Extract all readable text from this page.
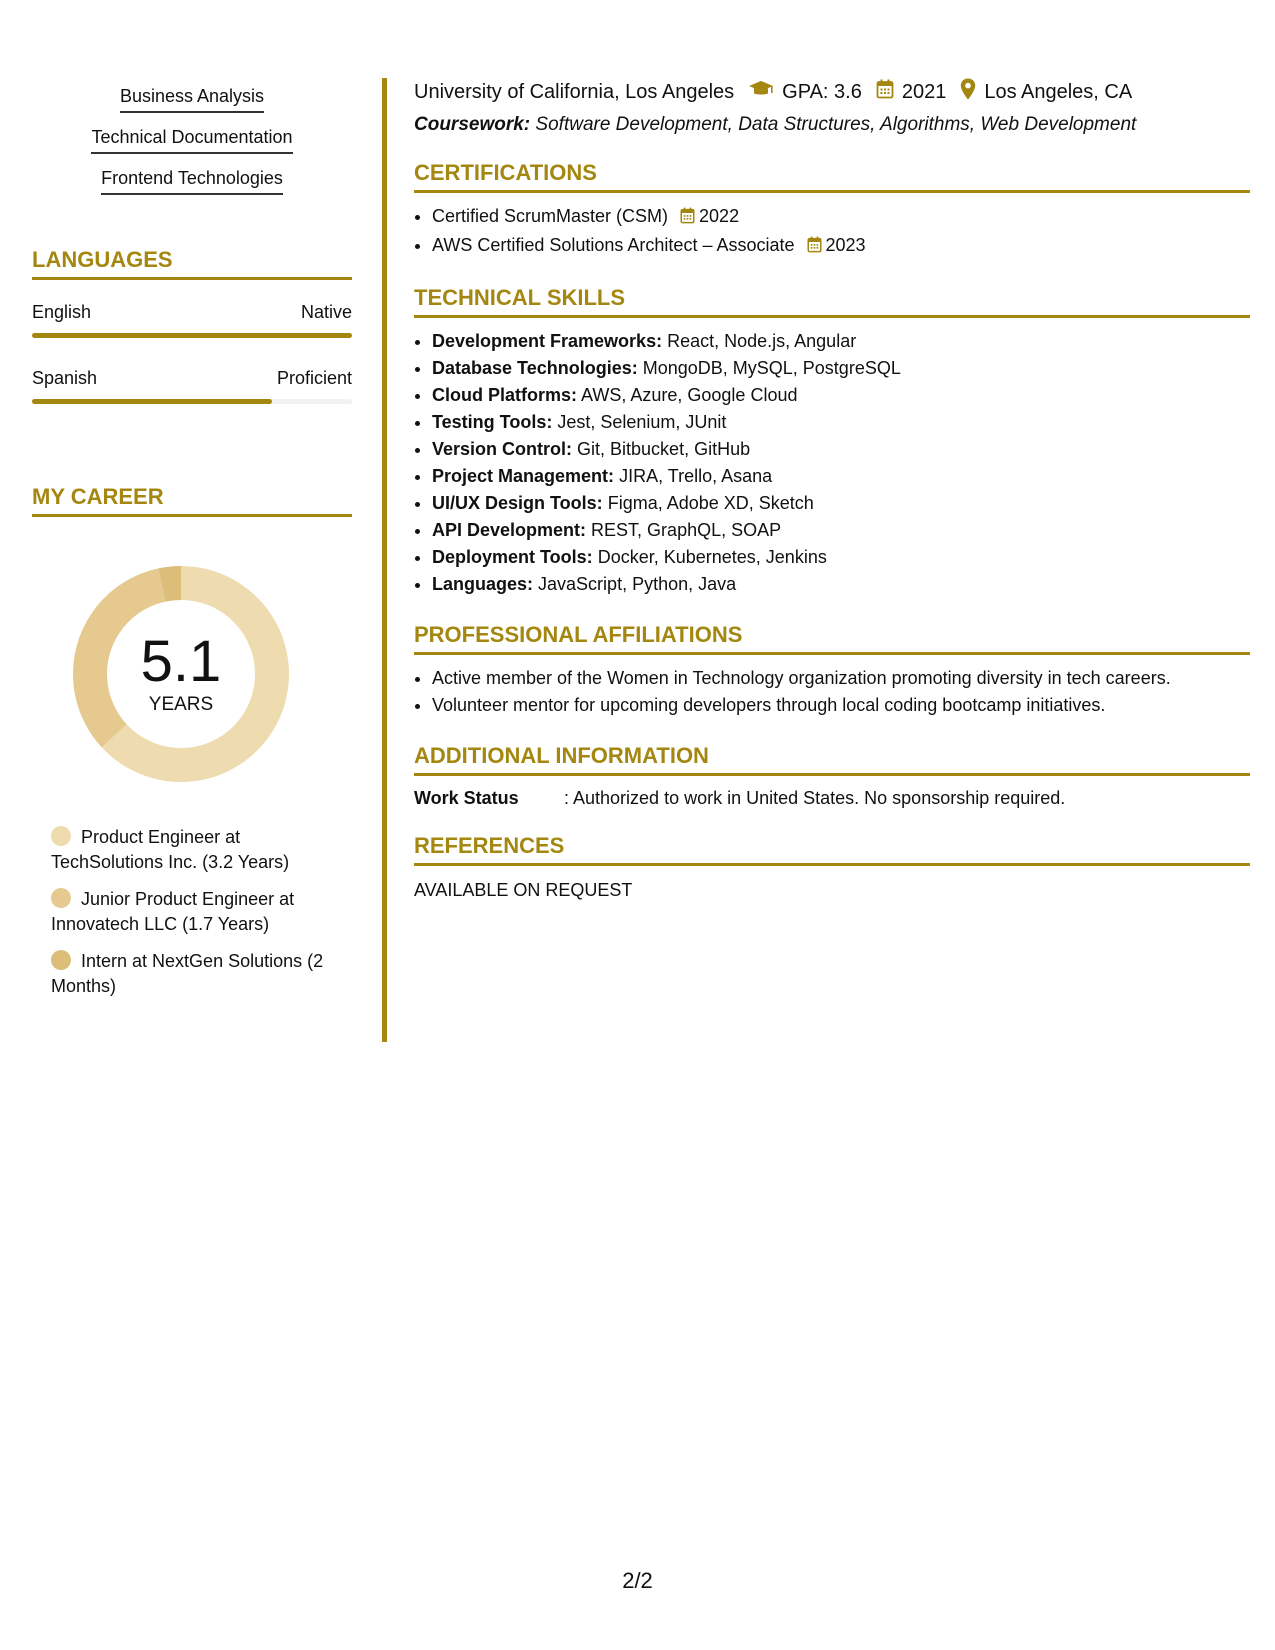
Business Analysis
Technical Documentation
Frontend Technologies
LANGUAGES
English	Native
Spanish	Proficient
MY CAREER
5.1
YEARS
Product Engineer at TechSolutions Inc. (3.2 Years)
Junior Product Engineer at Innovatech LLC (1.7 Years)
Intern at NextGen Solutions (2 Months)
University of California, Los Angeles GPA: 3.6 2021 Los Angeles, CA
Coursework: Software Development, Data Structures, Algorithms, Web Development
CERTIFICATIONS
• Certified ScrumMaster (CSM) 2022
• AWS Certified Solutions Architect – Associate 2023
TECHNICAL SKILLS
• Development Frameworks: React, Node.js, Angular
• Database Technologies: MongoDB, MySQL, PostgreSQL
• Cloud Platforms: AWS, Azure, Google Cloud
• Testing Tools: Jest, Selenium, JUnit
• Version Control: Git, Bitbucket, GitHub
• Project Management: JIRA, Trello, Asana
• UI/UX Design Tools: Figma, Adobe XD, Sketch
• API Development: REST, GraphQL, SOAP
• Deployment Tools: Docker, Kubernetes, Jenkins
• Languages: JavaScript, Python, Java
PROFESSIONAL AFFILIATIONS
• Active member of the Women in Technology organization promoting diversity in tech careers.
• Volunteer mentor for upcoming developers through local coding bootcamp initiatives.
ADDITIONAL INFORMATION
Work Status	: Authorized to work in United States. No sponsorship required.
REFERENCES
AVAILABLE ON REQUEST
2/2
